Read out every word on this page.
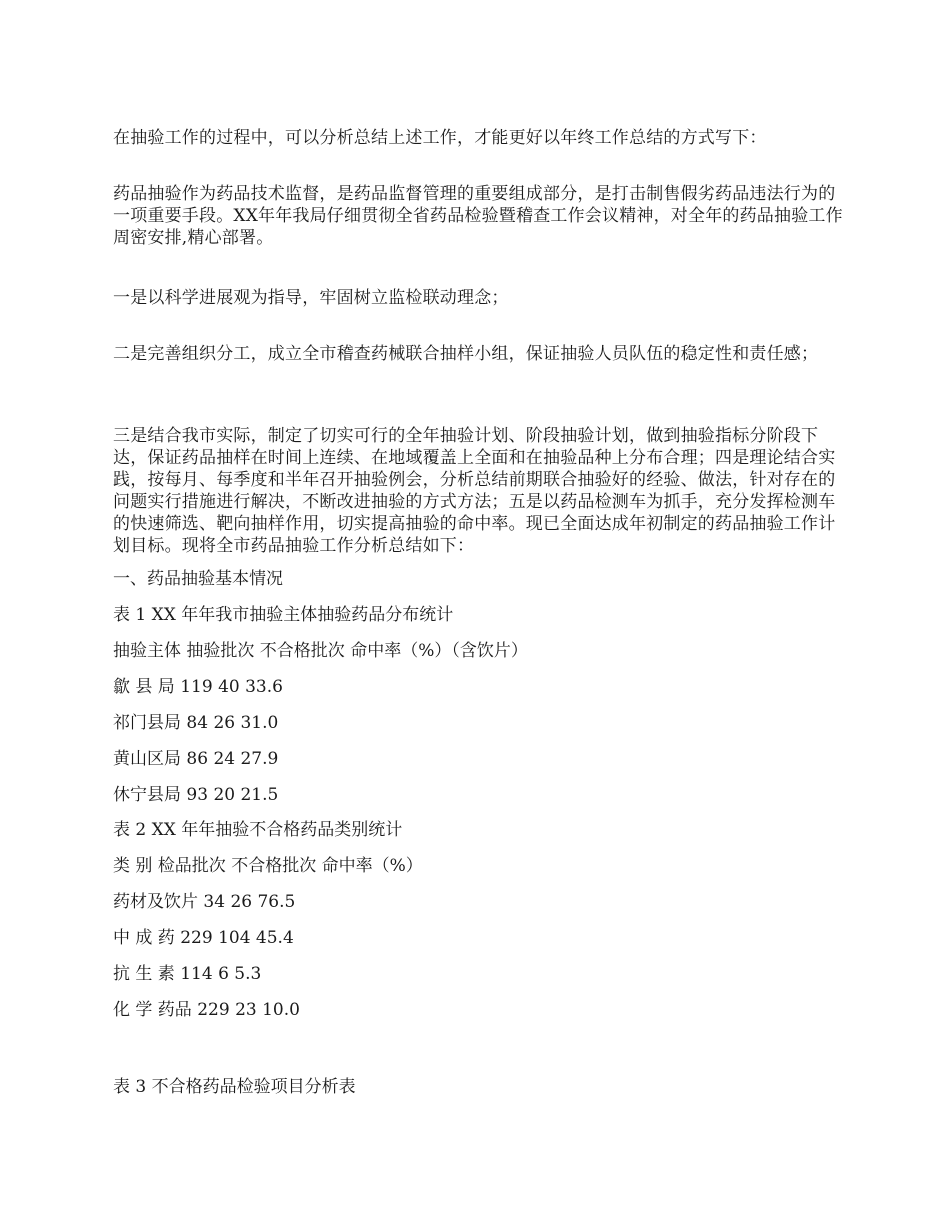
在抽验工作的过程中，可以分析总结上述工作，才能更好以年终工作总结的方式写下：

药品抽验作为药品技术监督，是药品监督管理的重要组成部分，是打击制售假劣药品违法行为的一项重要手段。XX年年我局仔细贯彻全省药品检验暨稽查工作会议精神，对全年的药品抽验工作周密安排,精心部署。

一是以科学进展观为指导，牢固树立监检联动理念；

二是完善组织分工，成立全市稽查药械联合抽样小组，保证抽验人员队伍的稳定性和责任感；

三是结合我市实际，制定了切实可行的全年抽验计划、阶段抽验计划，做到抽验指标分阶段下达，保证药品抽样在时间上连续、在地域覆盖上全面和在抽验品种上分布合理；四是理论结合实践，按每月、每季度和半年召开抽验例会，分析总结前期联合抽验好的经验、做法，针对存在的问题实行措施进行解决，不断改进抽验的方式方法；五是以药品检测车为抓手，充分发挥检测车的快速筛选、靶向抽样作用，切实提高抽验的命中率。现已全面达成年初制定的药品抽验工作计划目标。现将全市药品抽验工作分析总结如下：

一、药品抽验基本情况

表 1 XX 年年我市抽验主体抽验药品分布统计

抽验主体 抽验批次 不合格批次 命中率（%）（含饮片）

歙 县 局 119 40 33.6

祁门县局 84 26 31.0

黄山区局 86 24 27.9

休宁县局 93 20 21.5

表 2 XX 年年抽验不合格药品类别统计

类 别 检品批次 不合格批次 命中率（%）

药材及饮片 34 26 76.5

中 成 药 229 104 45.4

抗 生 素 114 6 5.3

化 学 药品 229 23 10.0

表 3 不合格药品检验项目分析表
